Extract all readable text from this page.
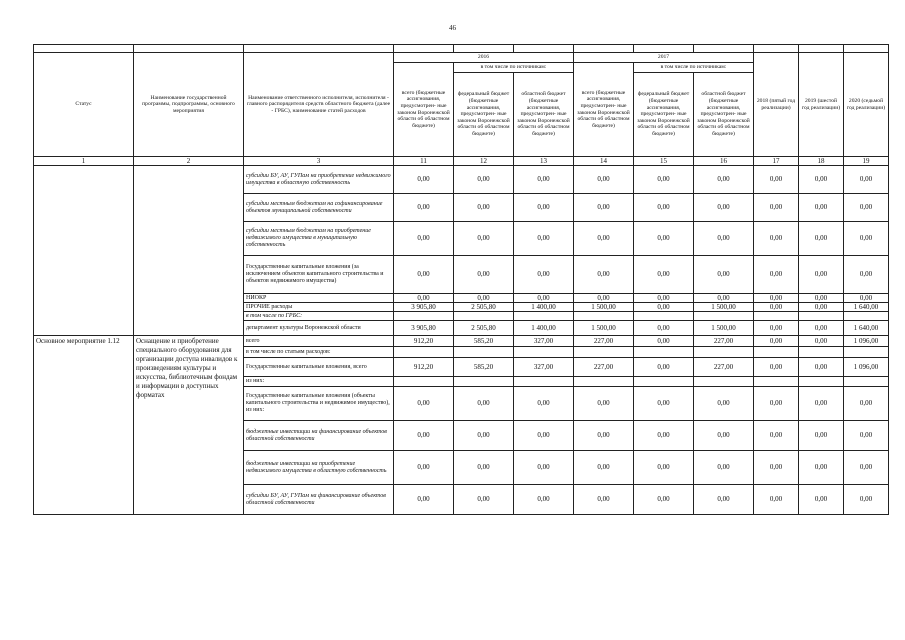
46

Статус	Наименование государственной программы, подпрограммы, основного мероприятия	Наименование ответственного исполнителя, исполнителя - главного распорядителя средств областного бюджета (далее - ГРБС), наименование статей расходов	2016			2017			2018 (пятый год реализации)	2019 (шестой год реализации)	2020 (седьмой год реализации)
			всего (бюджетные ассигнования, предусмотрен- ные законом Воронежской области об областном бюджете)	в том числе по источникам:		всего (бюджетные ассигнования, предусмотрен- ные законом Воронежской области об областном бюджете)	в том числе по источникам:				
				федеральный бюджет (бюджетные ассигнования, предусмотрен- ные законом Воронежской области об областном бюджете)	областной бюджет (бюджетные ассигнования, предусмотрен- ные законом Воронежской области об областном бюджете)		федеральный бюджет (бюджетные ассигнования, предусмотрен- ные законом Воронежской области об областном бюджете)	областной бюджет (бюджетные ассигнования, предусмотрен- ные законом Воронежской области об областном бюджете)			
1	2	3	11	12	13	14	15	16	17	18	19
		субсидии БУ, АУ, ГУПам на приобретение недвижимого имущества в областную собственность	0,00	0,00	0,00	0,00	0,00	0,00	0,00	0,00	0,00
		субсидии местным бюджетам на софинансирование объектов муниципальной собственности	0,00	0,00	0,00	0,00	0,00	0,00	0,00	0,00	0,00
		субсидии местным бюджетам на приобретение недвижимого имущества в муниципальную собственность	0,00	0,00	0,00	0,00	0,00	0,00	0,00	0,00	0,00
		Государственные капитальные вложения (за исключением объектов капитального строительства и объектов недвижимого имущества)	0,00	0,00	0,00	0,00	0,00	0,00	0,00	0,00	0,00
		НИОКР	0,00	0,00	0,00	0,00	0,00	0,00	0,00	0,00	0,00
		ПРОЧИЕ расходы	3 905,80	2 505,80	1 400,00	1 500,00	0,00	1 500,00	0,00	0,00	1 640,00
		в том числе по ГРБС:									
		департамент культуры Воронежской области	3 905,80	2 505,80	1 400,00	1 500,00	0,00	1 500,00	0,00	0,00	1 640,00
Основное мероприятие 1.12	Оснащение и приобретение специального оборудования для организации доступа инвалидов к произведениям культуры и искусства, библиотечным фондам и информации в доступных форматах	всего	912,20	585,20	327,00	227,00	0,00	227,00	0,00	0,00	1 096,00
		в том числе по статьям расходов:									
		Государственные капитальные вложения, всего	912,20	585,20	327,00	227,00	0,00	227,00	0,00	0,00	1 096,00
		из них:									
		Государственные капитальные вложения (объекты капитального строительства и недвижимое имущество), из них:	0,00	0,00	0,00	0,00	0,00	0,00	0,00	0,00	0,00
		бюджетные инвестиции на финансирование объектов областной собственности	0,00	0,00	0,00	0,00	0,00	0,00	0,00	0,00	0,00
		бюджетные инвестиции на приобретение недвижимого имущества в областную собственность	0,00	0,00	0,00	0,00	0,00	0,00	0,00	0,00	0,00
		субсидии БУ, АУ, ГУПам на финансирование объектов областной собственности	0,00	0,00	0,00	0,00	0,00	0,00	0,00	0,00	0,00
